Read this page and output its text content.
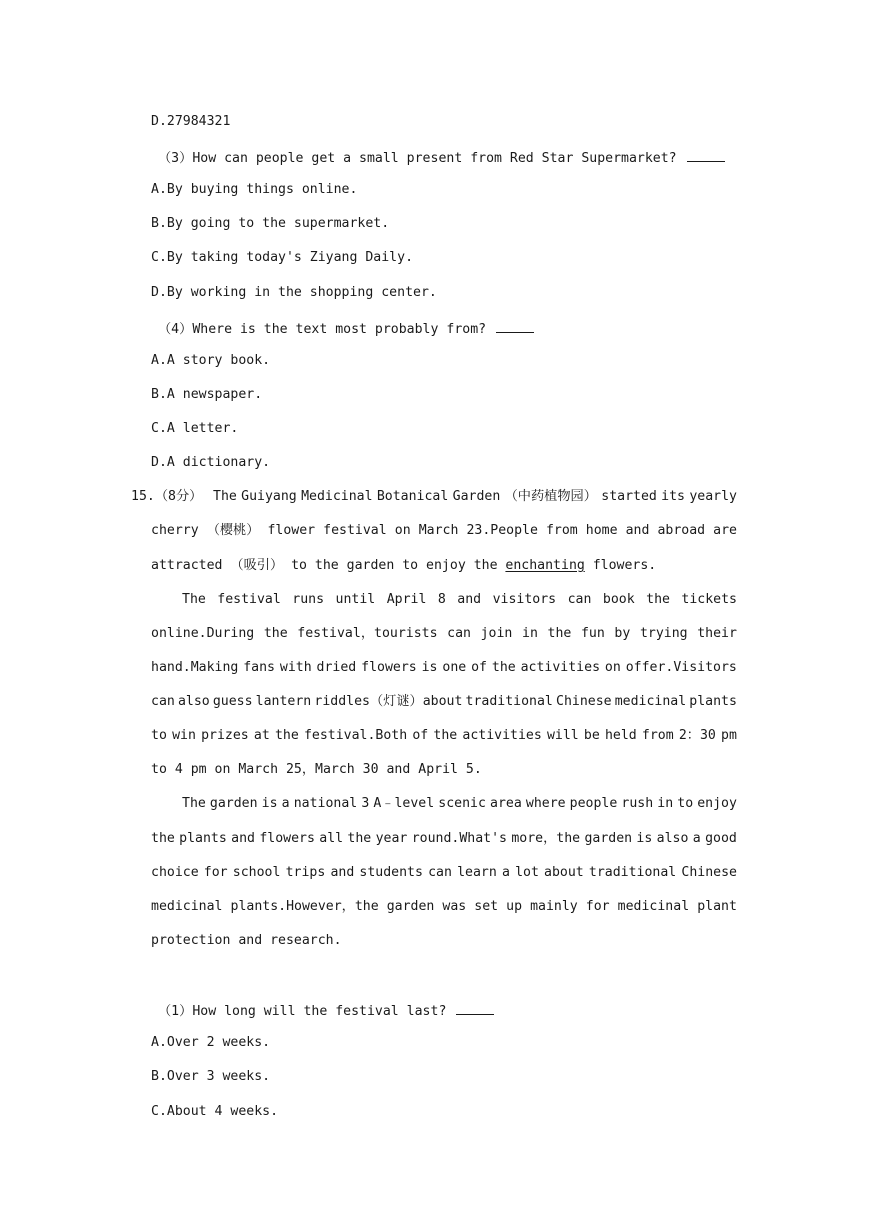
D.27984321

（3）How can people get a small present from Red Star Supermarket?

A.By buying things online.

B.By going to the supermarket.

C.By taking today's Ziyang Daily.

D.By working in the shopping center.

（4）Where is the text most probably from?

A.A story book.

B.A newspaper.

C.A letter.

D.A dictionary.

15.（8分） The Guiyang Medicinal Botanical Garden （中药植物园） started its yearly
cherry （樱桃） flower festival on March 23.People from home and abroad are
attracted （吸引） to the garden to enjoy the enchanting flowers.
The festival runs until April 8 and visitors can book the tickets
online.During the festival，tourists can join in the fun by trying their
hand.Making fans with dried flowers is one of the activities on offer.Visitors
can also guess lantern riddles（灯谜）about traditional Chinese medicinal plants
to win prizes at the festival.Both of the activities will be held from 2：30 pm
to 4 pm on March 25，March 30 and April 5.
The garden is a national 3 A﹣level scenic area where people rush in to enjoy
the plants and flowers all the year round.What's more，the garden is also a good
choice for school trips and students can learn a lot about traditional Chinese
medicinal plants.However，the garden was set up mainly for medicinal plant
protection and research.

（1）How long will the festival last?

A.Over 2 weeks.

B.Over 3 weeks.

C.About 4 weeks.
